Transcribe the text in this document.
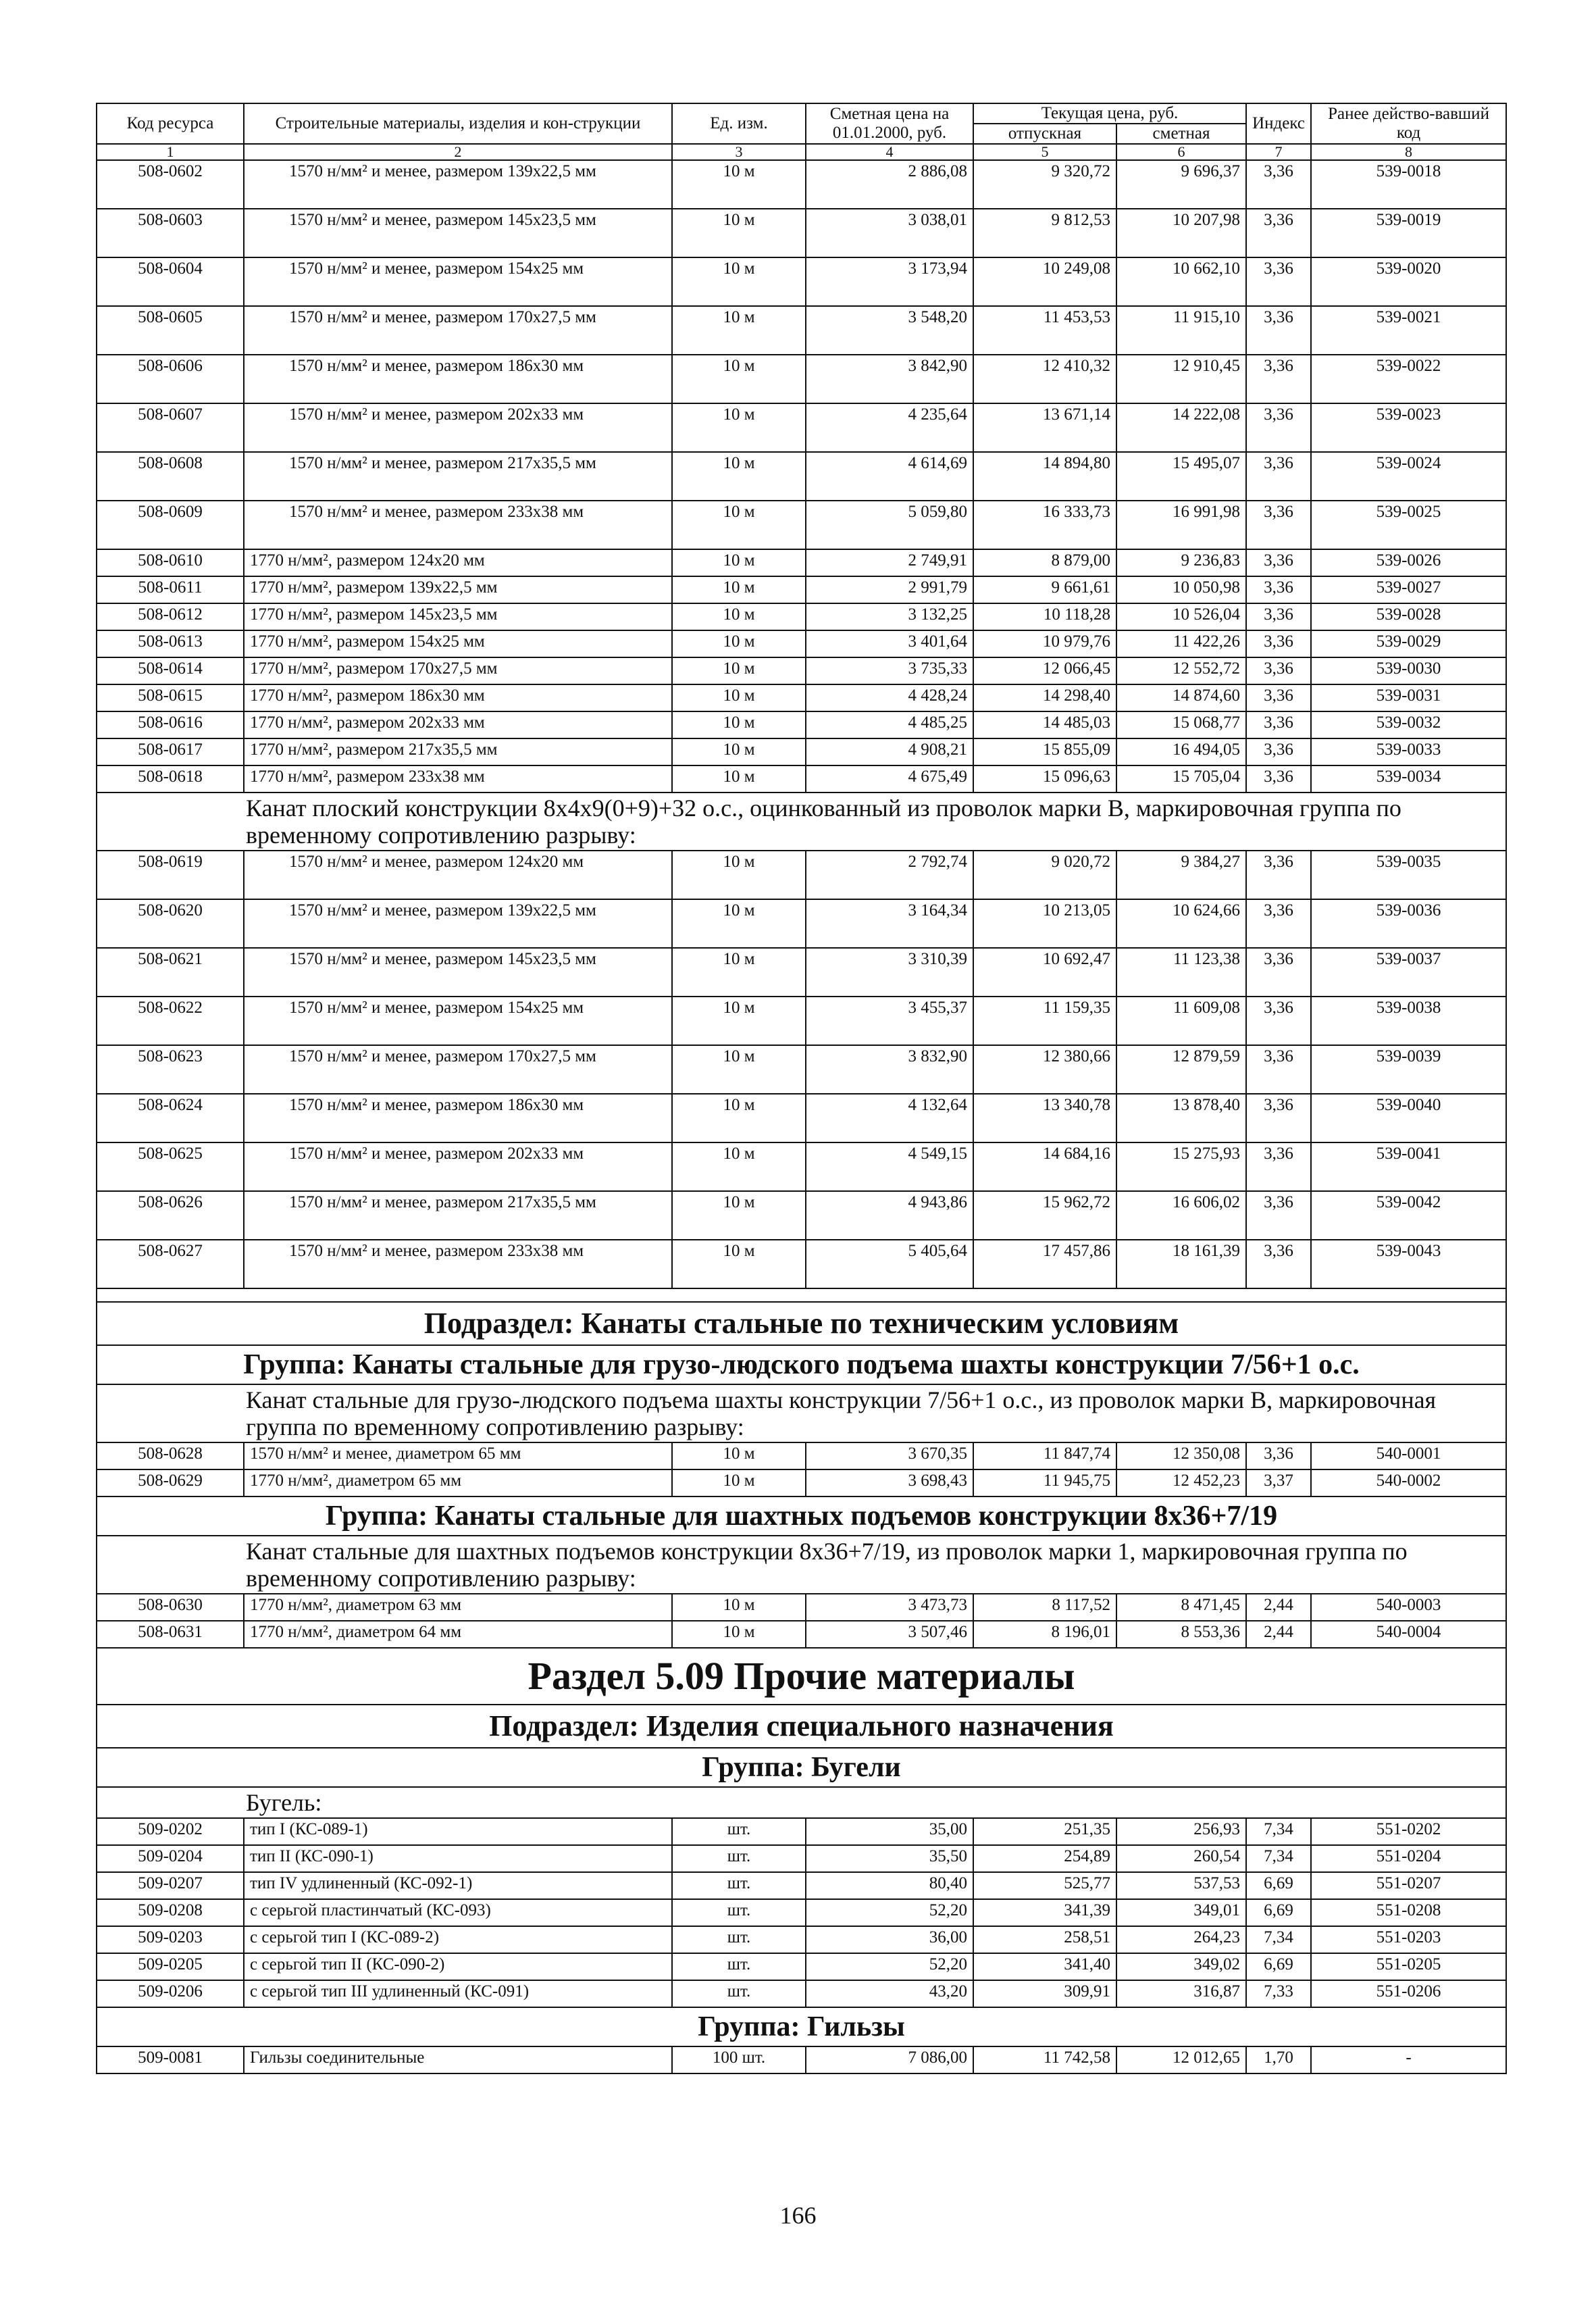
Код ресурса	Строительные материалы, изделия и кон-струкции	Ед. изм.	Сметная цена на 01.01.2000, руб.	Текущая цена, руб.		Индекс	Ранее действо-вавший код
				отпускная	сметная		
1	2	3	4	5	6	7	8
508-0602	1570 н/мм² и менее, размером 139x22,5 мм	10 м	2 886,08	9 320,72	9 696,37	3,36	539-0018
508-0603	1570 н/мм² и менее, размером 145x23,5 мм	10 м	3 038,01	9 812,53	10 207,98	3,36	539-0019
508-0604	1570 н/мм² и менее, размером 154x25 мм	10 м	3 173,94	10 249,08	10 662,10	3,36	539-0020
508-0605	1570 н/мм² и менее, размером 170x27,5 мм	10 м	3 548,20	11 453,53	11 915,10	3,36	539-0021
508-0606	1570 н/мм² и менее, размером 186x30 мм	10 м	3 842,90	12 410,32	12 910,45	3,36	539-0022
508-0607	1570 н/мм² и менее, размером 202x33 мм	10 м	4 235,64	13 671,14	14 222,08	3,36	539-0023
508-0608	1570 н/мм² и менее, размером 217x35,5 мм	10 м	4 614,69	14 894,80	15 495,07	3,36	539-0024
508-0609	1570 н/мм² и менее, размером 233x38 мм	10 м	5 059,80	16 333,73	16 991,98	3,36	539-0025
508-0610	1770 н/мм², размером 124x20 мм	10 м	2 749,91	8 879,00	9 236,83	3,36	539-0026
508-0611	1770 н/мм², размером 139x22,5 мм	10 м	2 991,79	9 661,61	10 050,98	3,36	539-0027
508-0612	1770 н/мм², размером 145x23,5 мм	10 м	3 132,25	10 118,28	10 526,04	3,36	539-0028
508-0613	1770 н/мм², размером 154x25 мм	10 м	3 401,64	10 979,76	11 422,26	3,36	539-0029
508-0614	1770 н/мм², размером 170x27,5 мм	10 м	3 735,33	12 066,45	12 552,72	3,36	539-0030
508-0615	1770 н/мм², размером 186x30 мм	10 м	4 428,24	14 298,40	14 874,60	3,36	539-0031
508-0616	1770 н/мм², размером 202x33 мм	10 м	4 485,25	14 485,03	15 068,77	3,36	539-0032
508-0617	1770 н/мм², размером 217x35,5 мм	10 м	4 908,21	15 855,09	16 494,05	3,36	539-0033
508-0618	1770 н/мм², размером 233x38 мм	10 м	4 675,49	15 096,63	15 705,04	3,36	539-0034
Канат плоский конструкции 8x4x9(0+9)+32 о.с., оцинкованный из проволок марки В, маркировочная группа по временному сопротивлению разрыву:							
508-0619	1570 н/мм² и менее, размером 124x20 мм	10 м	2 792,74	9 020,72	9 384,27	3,36	539-0035
508-0620	1570 н/мм² и менее, размером 139x22,5 мм	10 м	3 164,34	10 213,05	10 624,66	3,36	539-0036
508-0621	1570 н/мм² и менее, размером 145x23,5 мм	10 м	3 310,39	10 692,47	11 123,38	3,36	539-0037
508-0622	1570 н/мм² и менее, размером 154x25 мм	10 м	3 455,37	11 159,35	11 609,08	3,36	539-0038
508-0623	1570 н/мм² и менее, размером 170x27,5 мм	10 м	3 832,90	12 380,66	12 879,59	3,36	539-0039
508-0624	1570 н/мм² и менее, размером 186x30 мм	10 м	4 132,64	13 340,78	13 878,40	3,36	539-0040
508-0625	1570 н/мм² и менее, размером 202x33 мм	10 м	4 549,15	14 684,16	15 275,93	3,36	539-0041
508-0626	1570 н/мм² и менее, размером 217x35,5 мм	10 м	4 943,86	15 962,72	16 606,02	3,36	539-0042
508-0627	1570 н/мм² и менее, размером 233x38 мм	10 м	5 405,64	17 457,86	18 161,39	3,36	539-0043

Подраздел: Канаты стальные по техническим условиям							
Группа: Канаты стальные для грузо-людского подъема шахты конструкции 7/56+1 о.с.							
Канат стальные для грузо-людского подъема шахты конструкции 7/56+1 о.с., из проволок марки В, маркировочная группа по временному сопротивлению разрыву:							
508-0628	1570 н/мм² и менее, диаметром 65 мм	10 м	3 670,35	11 847,74	12 350,08	3,36	540-0001
508-0629	1770 н/мм², диаметром 65 мм	10 м	3 698,43	11 945,75	12 452,23	3,37	540-0002
Группа: Канаты стальные для шахтных подъемов конструкции 8x36+7/19							
Канат стальные для шахтных подъемов конструкции 8x36+7/19, из проволок марки 1, маркировочная группа по временному сопротивлению разрыву:							
508-0630	1770 н/мм², диаметром 63 мм	10 м	3 473,73	8 117,52	8 471,45	2,44	540-0003
508-0631	1770 н/мм², диаметром 64 мм	10 м	3 507,46	8 196,01	8 553,36	2,44	540-0004
Раздел 5.09 Прочие материалы							
Подраздел: Изделия специального назначения							
Группа: Бугели							
Бугель:							
509-0202	тип I (КС-089-1)	шт.	35,00	251,35	256,93	7,34	551-0202
509-0204	тип II (КС-090-1)	шт.	35,50	254,89	260,54	7,34	551-0204
509-0207	тип IV удлиненный (КС-092-1)	шт.	80,40	525,77	537,53	6,69	551-0207
509-0208	с серьгой пластинчатый (КС-093)	шт.	52,20	341,39	349,01	6,69	551-0208
509-0203	с серьгой тип I (КС-089-2)	шт.	36,00	258,51	264,23	7,34	551-0203
509-0205	с серьгой тип II (КС-090-2)	шт.	52,20	341,40	349,02	6,69	551-0205
509-0206	с серьгой тип III удлиненный (КС-091)	шт.	43,20	309,91	316,87	7,33	551-0206
Группа: Гильзы							
509-0081	Гильзы соединительные	100 шт.	7 086,00	11 742,58	12 012,65	1,70	-
166
